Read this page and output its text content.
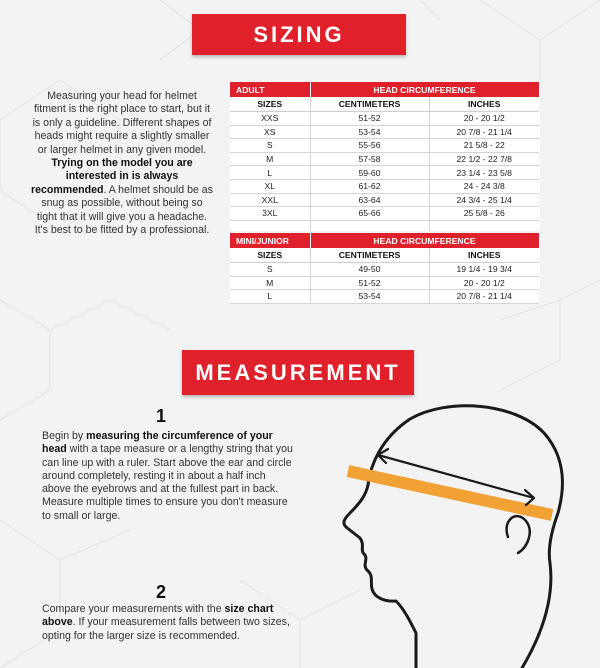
SIZING
Measuring your head for helmet fitment is the right place to start, but it is only a guideline. Different shapes of heads might require a slightly smaller or larger helmet in any given model. Trying on the model you are interested in is always recommended. A helmet should be as snug as possible, without being so tight that it will give you a headache. It's best to be fitted by a professional.
ADULT	HEAD CIRCUMFERENCE	
SIZES	CENTIMETERS	INCHES
XXS	51-52	20 - 20 1/2
XS	53-54	20 7/8 - 21 1/4
S	55-56	21 5/8 - 22
M	57-58	22 1/2 - 22 7/8
L	59-60	23 1/4 - 23 5/8
XL	61-62	24 - 24 3/8
XXL	63-64	24 3/4 - 25 1/4
3XL	65-66	25 5/8 - 26

MINI/JUNIOR	HEAD CIRCUMFERENCE	
SIZES	CENTIMETERS	INCHES
S	49-50	19 1/4 - 19 3/4
M	51-52	20 - 20 1/2
L	53-54	20 7/8 - 21 1/4
MEASUREMENT
1
Begin by measuring the circumference of your head with a tape measure or a lengthy string that you can line up with a ruler. Start above the ear and circle around completely, resting it in about a half inch above the eyebrows and at the fullest part in back. Measure multiple times to ensure you don't measure to small or large.
2
Compare your measurements with the size chart above. If your measurement falls between two sizes, opting for the larger size is recommended.
